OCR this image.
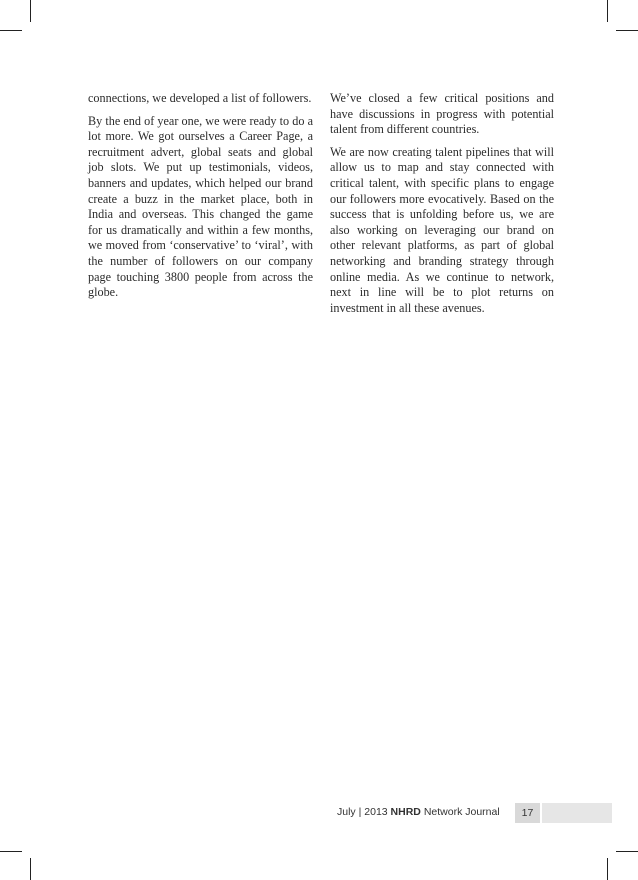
connections, we developed a list of followers.

By the end of year one, we were ready to do a lot more. We got ourselves a Career Page, a recruitment advert, global seats and global job slots. We put up testimonials, videos, banners and updates, which helped our brand create a buzz in the market place, both in India and overseas. This changed the game for us dramatically and within a few months, we moved from ‘conservative’ to ‘viral’, with the number of followers on our company page touching 3800 people from across the globe.

We’ve closed a few critical positions and have discussions in progress with potential talent from different countries.

We are now creating talent pipelines that will allow us to map and stay connected with critical talent, with specific plans to engage our followers more evocatively. Based on the success that is unfolding before us, we are also working on leveraging our brand on other relevant platforms, as part of global networking and branding strategy through online media. As we continue to network, next in line will be to plot returns on investment in all these avenues.

July | 2013 NHRD Network Journal	17
